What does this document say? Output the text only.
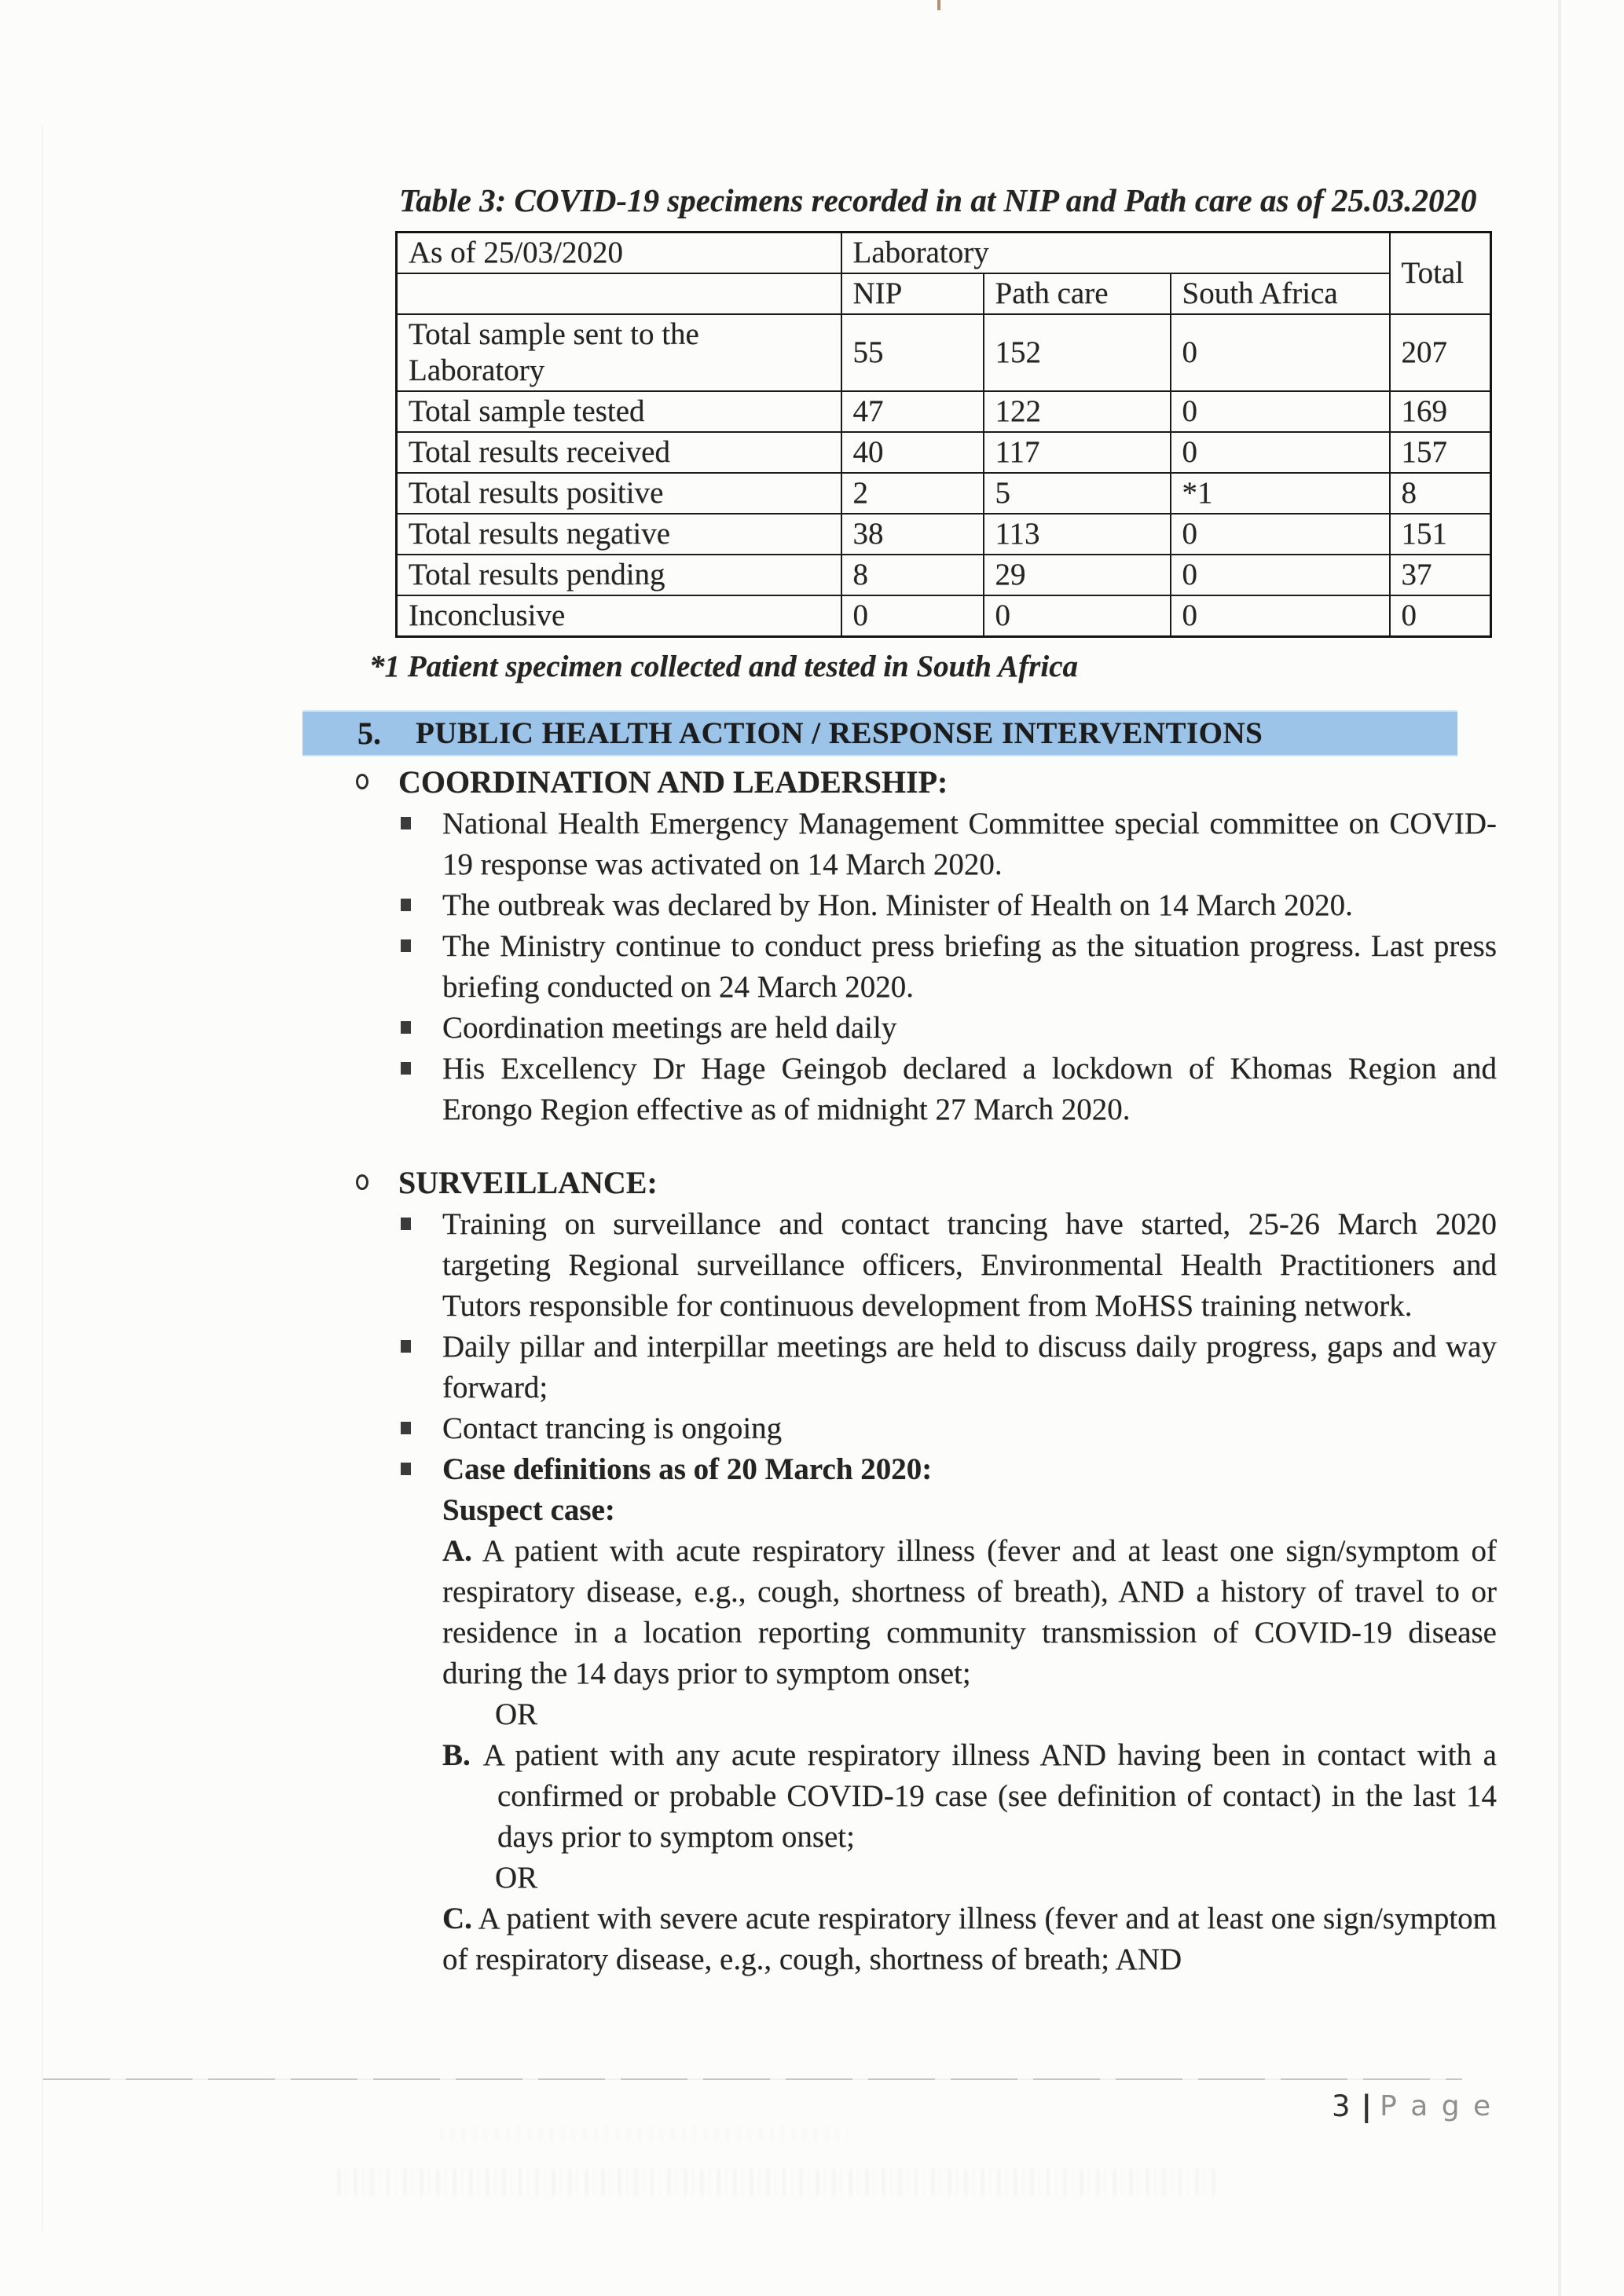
Table 3: COVID-19 specimens recorded in at NIP and Path care as of 25.03.2020
As of 25/03/2020	Laboratory			Total
	NIP	Path care	South Africa	
Total sample sent to the Laboratory	55	152	0	207
Total sample tested	47	122	0	169
Total results received	40	117	0	157
Total results positive	2	5	*1	8
Total results negative	38	113	0	151
Total results pending	8	29	0	37
Inconclusive	0	0	0	0

*1 Patient specimen collected and tested in South Africa

5. PUBLIC HEALTH ACTION / RESPONSE INTERVENTIONS
COORDINATION AND LEADERSHIP:
National Health Emergency Management Committee special committee on COVID-19 response was activated on 14 March 2020.
The outbreak was declared by Hon. Minister of Health on 14 March 2020.
The Ministry continue to conduct press briefing as the situation progress. Last press briefing conducted on 24 March 2020.
Coordination meetings are held daily
His Excellency Dr Hage Geingob declared a lockdown of Khomas Region and Erongo Region effective as of midnight 27 March 2020.
SURVEILLANCE:
Training on surveillance and contact trancing have started, 25-26 March 2020 targeting Regional surveillance officers, Environmental Health Practitioners and Tutors responsible for continuous development from MoHSS training network.
Daily pillar and interpillar meetings are held to discuss daily progress, gaps and way forward;
Contact trancing is ongoing
Case definitions as of 20 March 2020:
Suspect case:

A. A patient with acute respiratory illness (fever and at least one sign/symptom of respiratory disease, e.g., cough, shortness of breath), AND a history of travel to or residence in a location reporting community transmission of COVID-19 disease during the 14 days prior to symptom onset;

OR

B. A patient with any acute respiratory illness AND having been in contact with a confirmed or probable COVID-19 case (see definition of contact) in the last 14 days prior to symptom onset;

OR

C. A patient with severe acute respiratory illness (fever and at least one sign/symptom of respiratory disease, e.g., cough, shortness of breath; AND

3 | P a g e
